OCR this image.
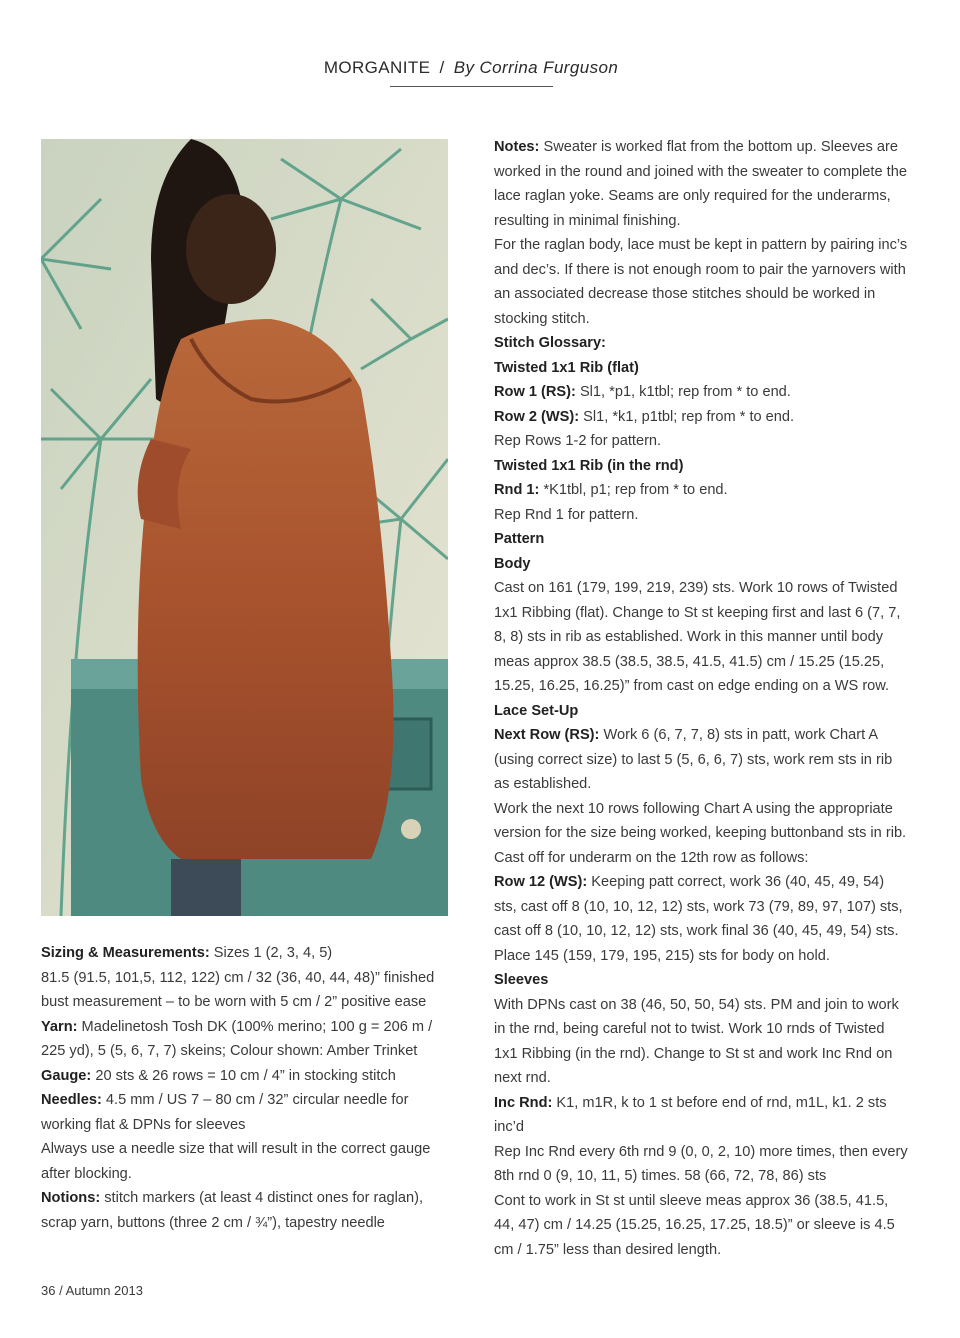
MORGANITE / By Corrina Furguson

Sizing & Measurements: Sizes 1 (2, 3, 4, 5)

81.5 (91.5, 101,5, 112, 122) cm / 32 (36, 40, 44, 48)” finished bust measurement – to be worn with 5 cm / 2” positive ease

Yarn: Madelinetosh Tosh DK (100% merino; 100 g = 206 m / 225 yd), 5 (5, 6, 7, 7) skeins; Colour shown: Amber Trinket

Gauge: 20 sts & 26 rows = 10 cm / 4” in stocking stitch

Needles: 4.5 mm / US 7 – 80 cm / 32” circular needle for working flat & DPNs for sleeves

Always use a needle size that will result in the correct gauge after blocking.

Notions: stitch markers (at least 4 distinct ones for raglan), scrap yarn, buttons (three 2 cm / ¾”), tapestry needle

Notes: Sweater is worked flat from the bottom up. Sleeves are worked in the round and joined with the sweater to complete the lace raglan yoke. Seams are only required for the underarms, resulting in minimal finishing.

For the raglan body, lace must be kept in pattern by pairing inc’s and dec’s. If there is not enough room to pair the yarnovers with an associated decrease those stitches should be worked in stocking stitch.

Stitch Glossary:

Twisted 1x1 Rib (flat)

Row 1 (RS): Sl1, *p1, k1tbl; rep from * to end.

Row 2 (WS): Sl1, *k1, p1tbl; rep from * to end.

Rep Rows 1-2 for pattern.

Twisted 1x1 Rib (in the rnd)

Rnd 1: *K1tbl, p1; rep from * to end.

Rep Rnd 1 for pattern.

Pattern

Body

Cast on 161 (179, 199, 219, 239) sts. Work 10 rows of Twisted 1x1 Ribbing (flat). Change to St st keeping first and last 6 (7, 7, 8, 8) sts in rib as established. Work in this manner until body meas approx 38.5 (38.5, 38.5, 41.5, 41.5) cm / 15.25 (15.25, 15.25, 16.25, 16.25)” from cast on edge ending on a WS row.

Lace Set-Up

Next Row (RS): Work 6 (6, 7, 7, 8) sts in patt, work Chart A (using correct size) to last 5 (5, 6, 6, 7) sts, work rem sts in rib as established.

Work the next 10 rows following Chart A using the appropriate version for the size being worked, keeping buttonband sts in rib. Cast off for underarm on the 12th row as follows:

Row 12 (WS): Keeping patt correct, work 36 (40, 45, 49, 54) sts, cast off 8 (10, 10, 12, 12) sts, work 73 (79, 89, 97, 107) sts, cast off 8 (10, 10, 12, 12) sts, work final 36 (40, 45, 49, 54) sts. Place 145 (159, 179, 195, 215) sts for body on hold.

Sleeves

With DPNs cast on 38 (46, 50, 50, 54) sts. PM and join to work in the rnd, being careful not to twist. Work 10 rnds of Twisted 1x1 Ribbing (in the rnd). Change to St st and work Inc Rnd on next rnd.

Inc Rnd: K1, m1R, k to 1 st before end of rnd, m1L, k1. 2 sts inc’d

Rep Inc Rnd every 6th rnd 9 (0, 0, 2, 10) more times, then every 8th rnd 0 (9, 10, 11, 5) times. 58 (66, 72, 78, 86) sts

Cont to work in St st until sleeve meas approx 36 (38.5, 41.5, 44, 47) cm / 14.25 (15.25, 16.25, 17.25, 18.5)” or sleeve is 4.5 cm / 1.75” less than desired length.

36 / Autumn 2013
